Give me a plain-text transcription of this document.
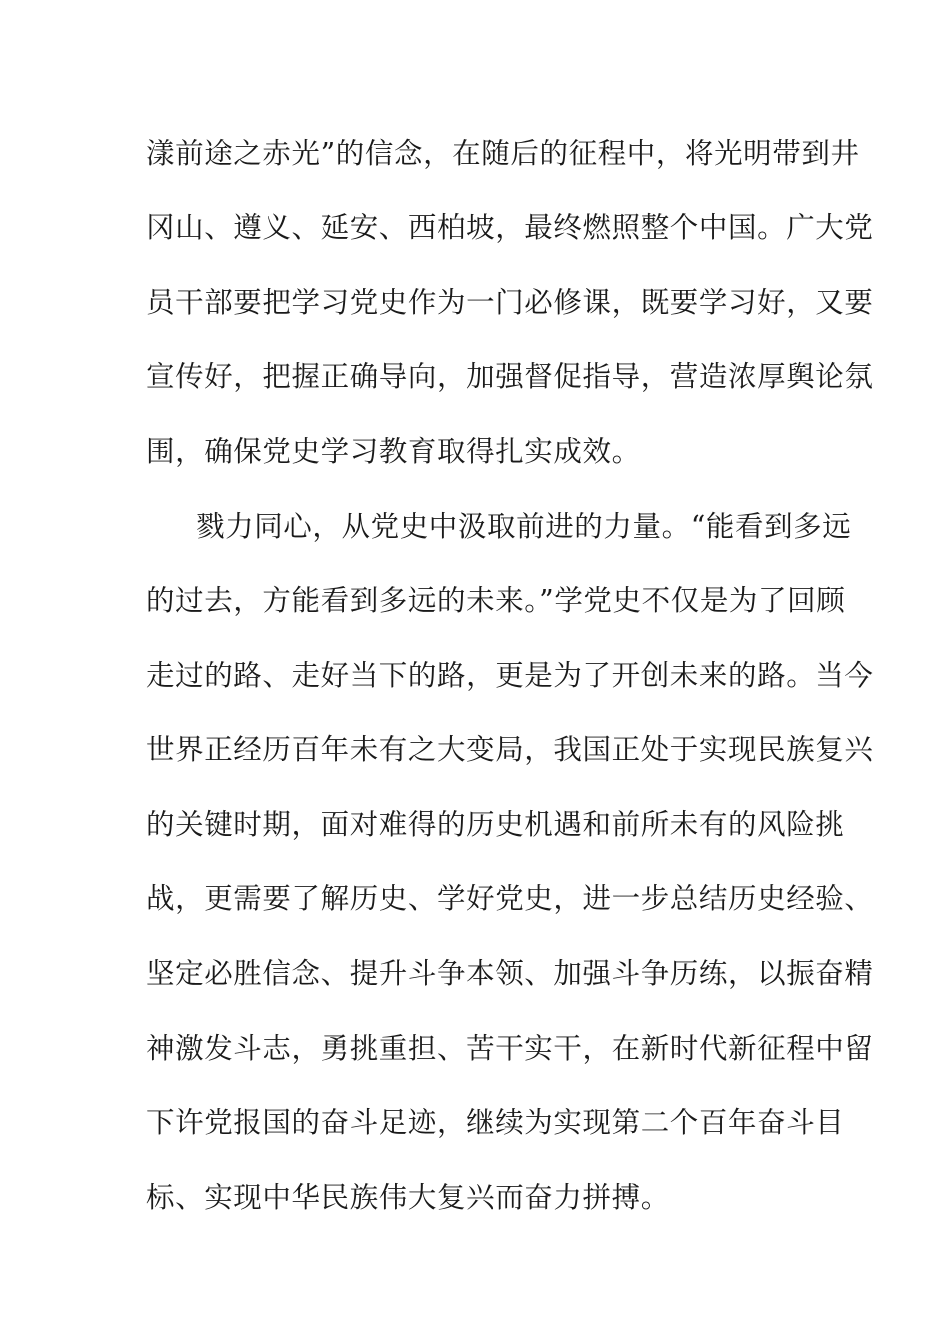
漾前途之赤光”的信念，在随后的征程中，将光明带到井
冈山、遵义、延安、西柏坡，最终燃照整个中国。广大党
员干部要把学习党史作为一门必修课，既要学习好，又要
宣传好，把握正确导向，加强督促指导，营造浓厚舆论氛
围，确保党史学习教育取得扎实成效。
戮力同心，从党史中汲取前进的力量。“能看到多远
的过去，方能看到多远的未来。”学党史不仅是为了回顾
走过的路、走好当下的路，更是为了开创未来的路。当今
世界正经历百年未有之大变局，我国正处于实现民族复兴
的关键时期，面对难得的历史机遇和前所未有的风险挑
战，更需要了解历史、学好党史，进一步总结历史经验、
坚定必胜信念、提升斗争本领、加强斗争历练，以振奋精
神激发斗志，勇挑重担、苦干实干，在新时代新征程中留
下许党报国的奋斗足迹，继续为实现第二个百年奋斗目
标、实现中华民族伟大复兴而奋力拼搏。
